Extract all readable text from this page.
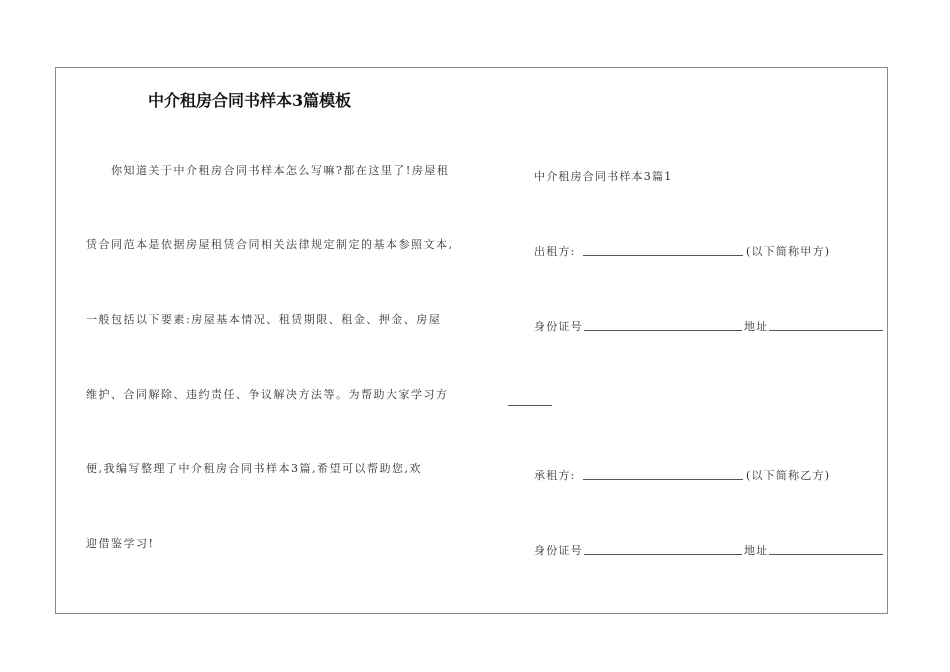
中介租房合同书样本3篇模板
你知道关于中介租房合同书样本怎么写嘛?都在这里了!房屋租
赁合同范本是依据房屋租赁合同相关法律规定制定的基本参照文本,
一般包括以下要素:房屋基本情况、租赁期限、租金、押金、房屋
维护、合同解除、违约责任、争议解决方法等。为帮助大家学习方
便,我编写整理了中介租房合同书样本3篇,希望可以帮助您,欢
迎借鉴学习!
中介租房合同书样本3篇1
出租方:	(以下简称甲方)
身份证号	地址
承租方:	(以下简称乙方)
身份证号	地址
